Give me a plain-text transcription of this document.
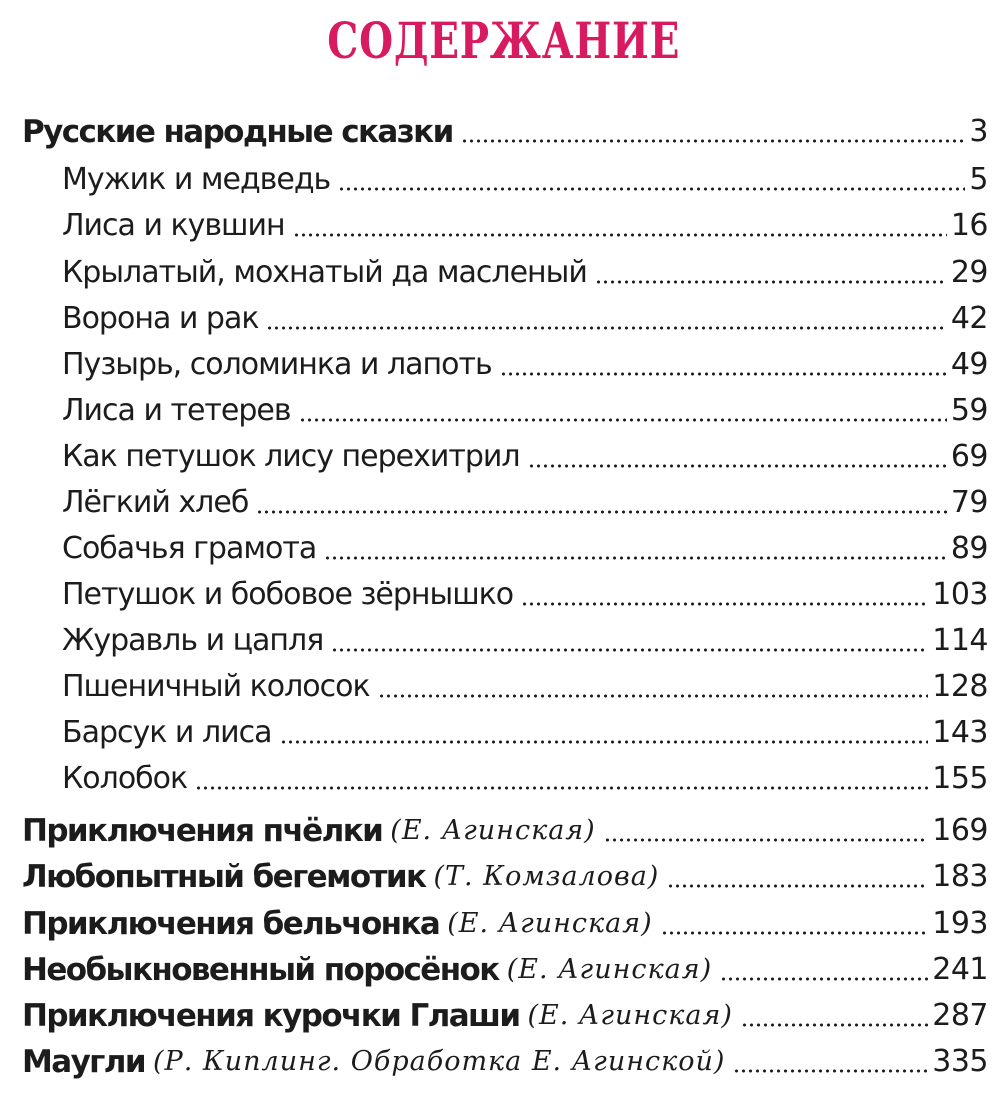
СОДЕРЖАНИЕ
Русские народные сказки	3
Мужик и медведь	5
Лиса и кувшин	16
Крылатый, мохнатый да масленый	29
Ворона и рак	42
Пузырь, соломинка и лапоть	49
Лиса и тетерев	59
Как петушок лису перехитрил	69
Лёгкий хлеб	79
Собачья грамота	89
Петушок и бобовое зёрнышко	103
Журавль и цапля	114
Пшеничный колосок	128
Барсук и лиса	143
Колобок	155
Приключения пчёлки (Е. Агинская)	169
Любопытный бегемотик (Т. Комзалова)	183
Приключения бельчонка (Е. Агинская)	193
Необыкновенный поросёнок (Е. Агинская)	241
Приключения курочки Глаши (Е. Агинская)	287
Маугли (Р. Киплинг. Обработка Е. Агинской)	335
